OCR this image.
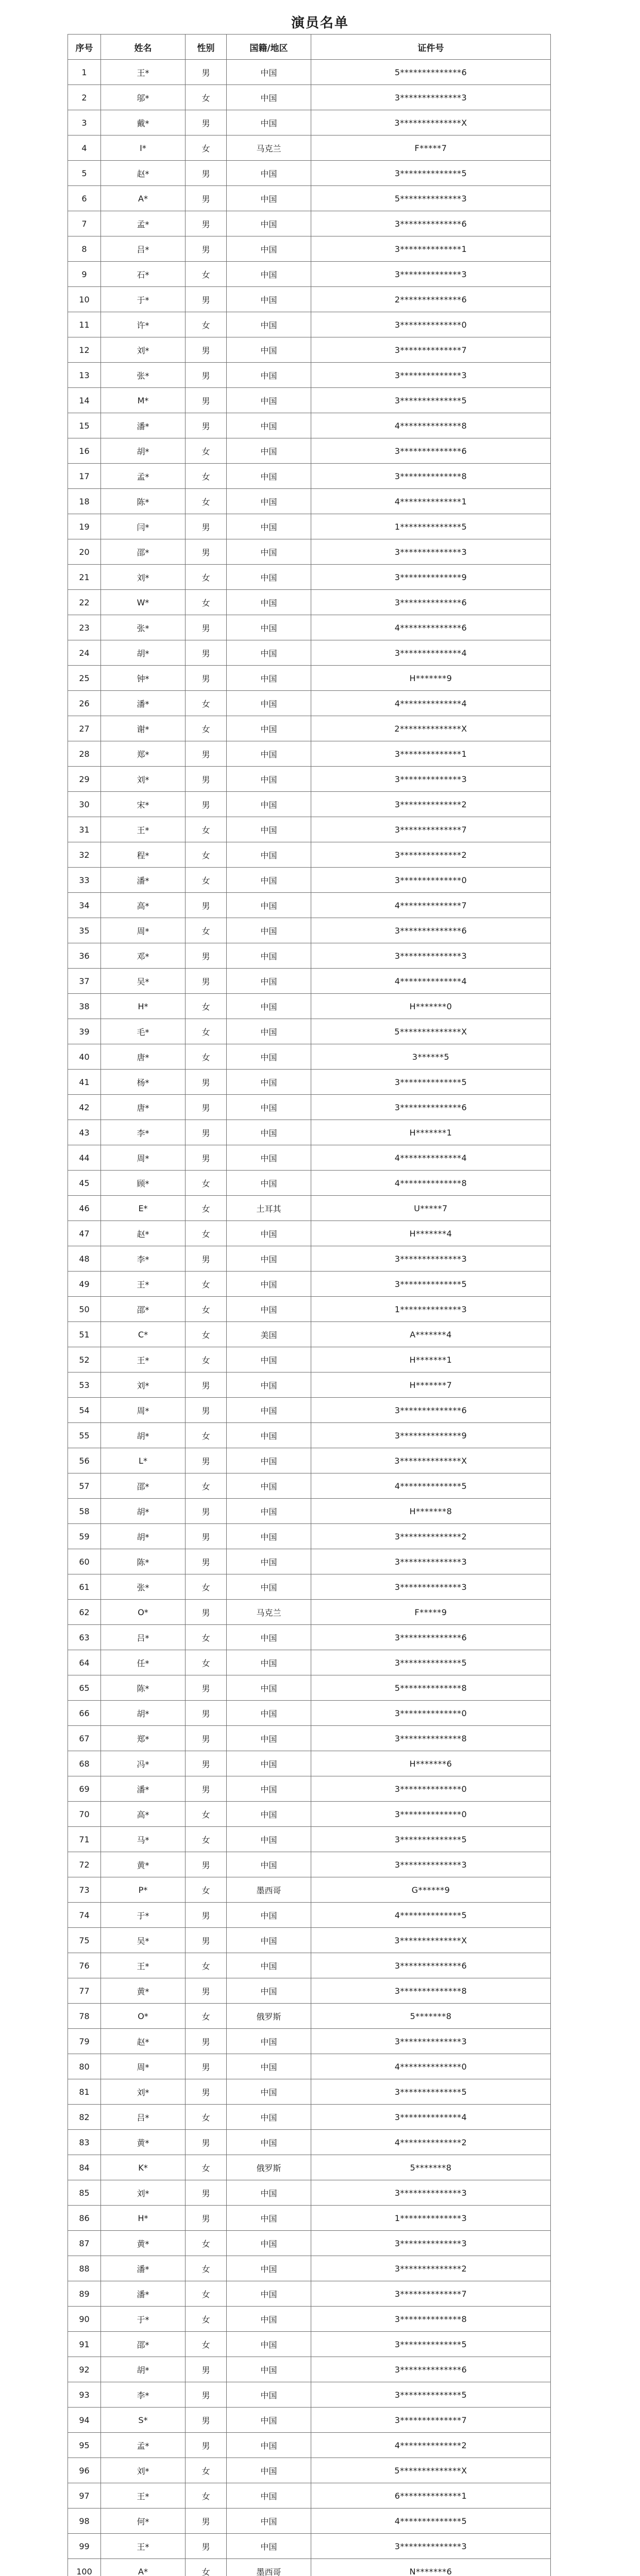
演员名单
序号	姓名	性别	国籍/地区	证件号
1	王*	男	中国	5**************6
2	邬*	女	中国	3**************3
3	戴*	男	中国	3**************X
4	I*	女	马克兰	F*****7
5	赵*	男	中国	3**************5
6	A*	男	中国	5**************3
7	孟*	男	中国	3**************6
8	吕*	男	中国	3**************1
9	石*	女	中国	3**************3
10	于*	男	中国	2**************6
11	许*	女	中国	3**************0
12	刘*	男	中国	3**************7
13	张*	男	中国	3**************3
14	M*	男	中国	3**************5
15	潘*	男	中国	4**************8
16	胡*	女	中国	3**************6
17	孟*	女	中国	3**************8
18	陈*	女	中国	4**************1
19	闫*	男	中国	1**************5
20	邵*	男	中国	3**************3
21	刘*	女	中国	3**************9
22	W*	女	中国	3**************6
23	张*	男	中国	4**************6
24	胡*	男	中国	3**************4
25	钟*	男	中国	H*******9
26	潘*	女	中国	4**************4
27	谢*	女	中国	2**************X
28	郑*	男	中国	3**************1
29	刘*	男	中国	3**************3
30	宋*	男	中国	3**************2
31	王*	女	中国	3**************7
32	程*	女	中国	3**************2
33	潘*	女	中国	3**************0
34	高*	男	中国	4**************7
35	周*	女	中国	3**************6
36	邓*	男	中国	3**************3
37	吴*	男	中国	4**************4
38	H*	女	中国	H*******0
39	毛*	女	中国	5**************X
40	唐*	女	中国	3******5
41	杨*	男	中国	3**************5
42	唐*	男	中国	3**************6
43	李*	男	中国	H*******1
44	周*	男	中国	4**************4
45	顾*	女	中国	4**************8
46	E*	女	土耳其	U*****7
47	赵*	女	中国	H*******4
48	李*	男	中国	3**************3
49	王*	女	中国	3**************5
50	邵*	女	中国	1**************3
51	C*	女	美国	A*******4
52	王*	女	中国	H*******1
53	刘*	男	中国	H*******7
54	周*	男	中国	3**************6
55	胡*	女	中国	3**************9
56	L*	男	中国	3**************X
57	邵*	女	中国	4**************5
58	胡*	男	中国	H*******8
59	胡*	男	中国	3**************2
60	陈*	男	中国	3**************3
61	张*	女	中国	3**************3
62	O*	男	马克兰	F*****9
63	吕*	女	中国	3**************6
64	任*	女	中国	3**************5
65	陈*	男	中国	5**************8
66	胡*	男	中国	3**************0
67	郑*	男	中国	3**************8
68	冯*	男	中国	H*******6
69	潘*	男	中国	3**************0
70	高*	女	中国	3**************0
71	马*	女	中国	3**************5
72	黄*	男	中国	3**************3
73	P*	女	墨西哥	G******9
74	于*	男	中国	4**************5
75	吴*	男	中国	3**************X
76	王*	女	中国	3**************6
77	黄*	男	中国	3**************8
78	O*	女	俄罗斯	5*******8
79	赵*	男	中国	3**************3
80	周*	男	中国	4**************0
81	刘*	男	中国	3**************5
82	吕*	女	中国	3**************4
83	黄*	男	中国	4**************2
84	K*	女	俄罗斯	5*******8
85	刘*	男	中国	3**************3
86	H*	男	中国	1**************3
87	黄*	女	中国	3**************3
88	潘*	女	中国	3**************2
89	潘*	女	中国	3**************7
90	于*	女	中国	3**************8
91	邵*	女	中国	3**************5
92	胡*	男	中国	3**************6
93	李*	男	中国	3**************5
94	S*	男	中国	3**************7
95	孟*	男	中国	4**************2
96	刘*	女	中国	5**************X
97	王*	女	中国	6**************1
98	何*	男	中国	4**************5
99	王*	男	中国	3**************3
100	A*	女	墨西哥	N*******6
